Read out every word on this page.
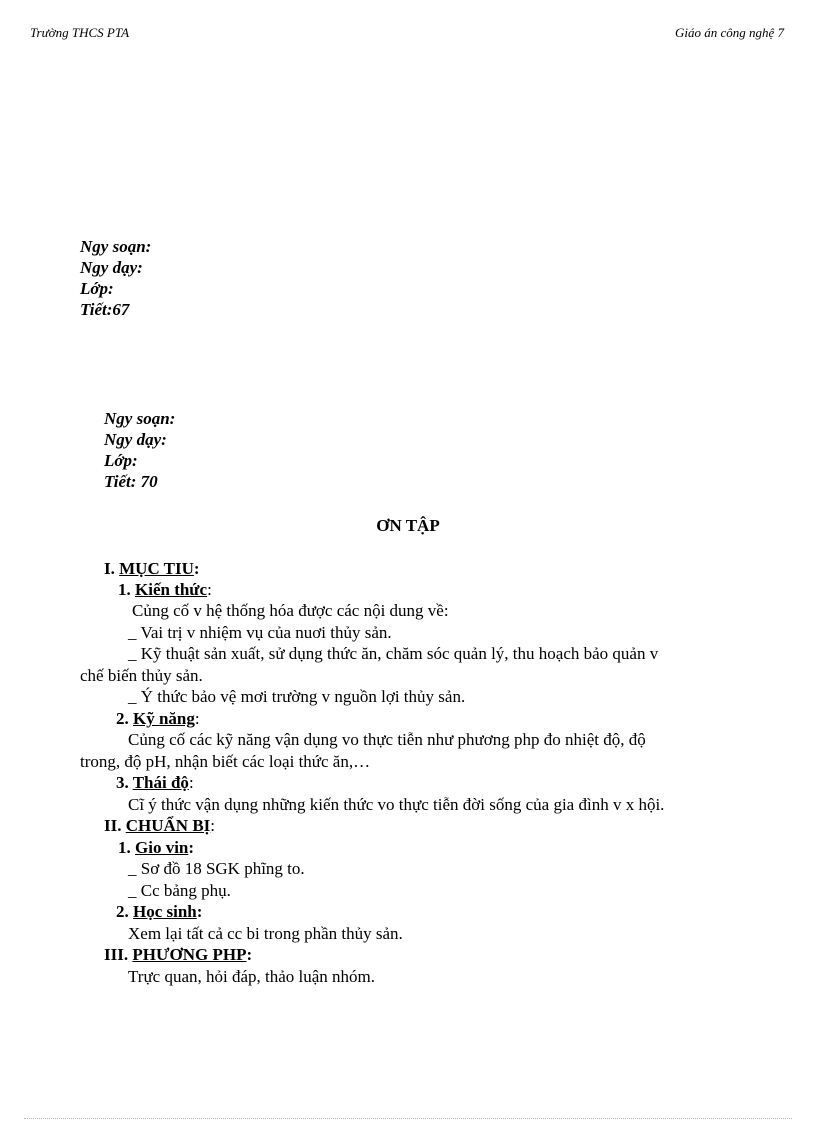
Trường THCS PTA	Giáo án công nghệ 7
Ngy soạn:
Ngy dạy:
Lớp:
Tiết:67
Ngy soạn:
Ngy dạy:
Lớp:
Tiết: 70
ƠN TẬP
I. MỤC TIU:
1. Kiến thức:
Củng cố v hệ thống hóa được các nội dung về:
_ Vai trị v nhiệm vụ của nuơi thủy sản.
_ Kỹ thuật sản xuất, sử dụng thức ăn, chăm sóc quản lý, thu hoạch bảo quản v
chế biến thủy sản.
_ Ý thức bảo vệ mơi trường v nguồn lợi thủy sản.
2. Kỹ năng:
Củng cố các kỹ năng vận dụng vo thực tiễn như phương php đo nhiệt độ, độ
trong, độ pH, nhận biết các loại thức ăn,…
3. Thái độ:
Cĩ ý thức vận dụng những kiến thức vo thực tiễn đời sống của gia đình v x hội.
II. CHUẨN BỊ:
1. Gio vin:
_ Sơ đồ 18 SGK phĩng to.
_ Cc bảng phụ.
2. Học sinh:
Xem lại tất cả cc bi trong phần thủy sản.
III. PHƯƠNG PHP:
Trực quan, hỏi đáp, thảo luận nhóm.
